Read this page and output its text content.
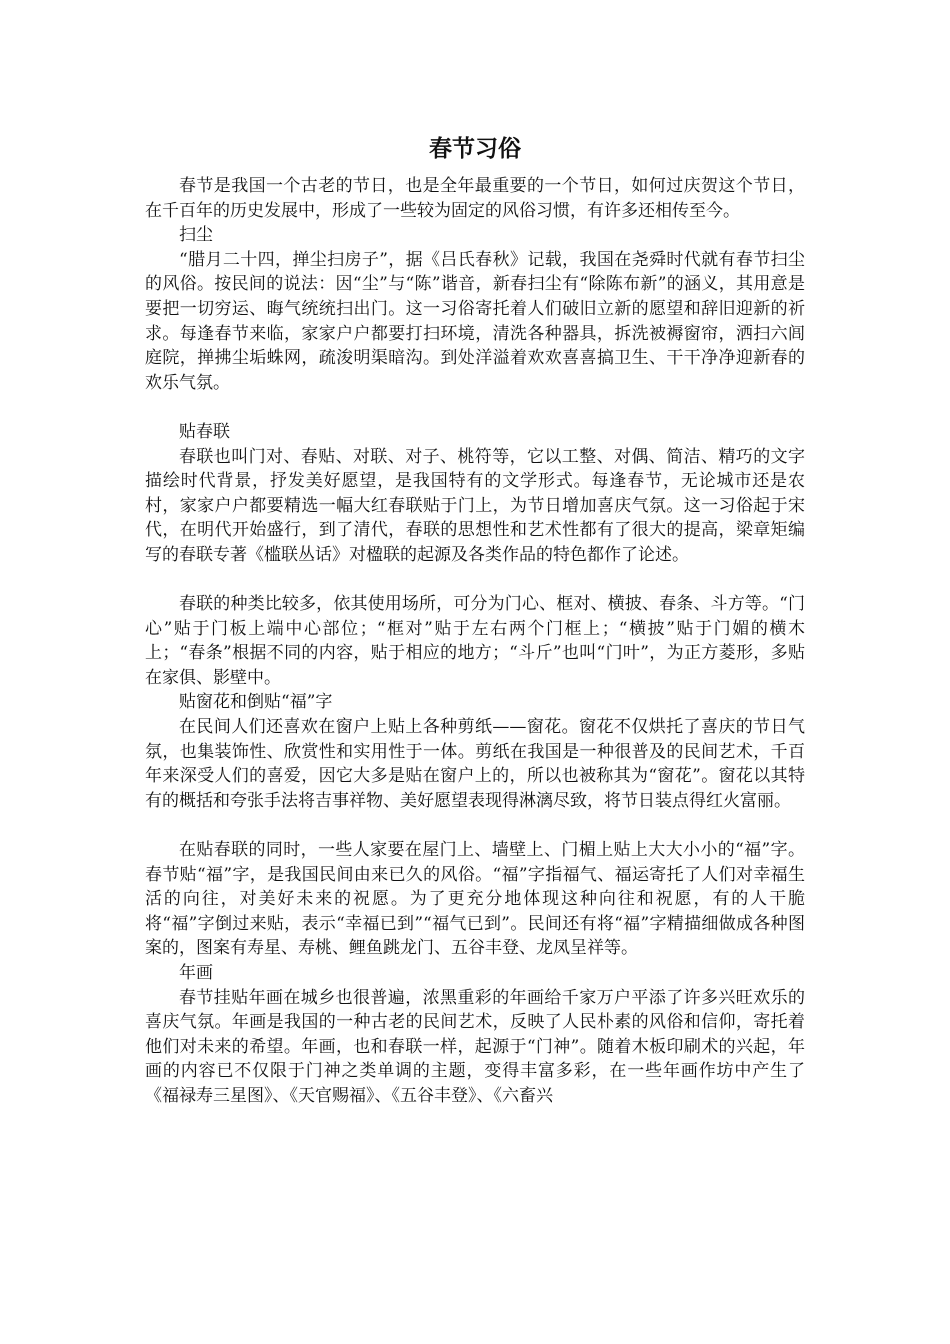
春节习俗

春节是我国一个古老的节日，也是全年最重要的一个节日，如何过庆贺这个节日，在千百年的历史发展中，形成了一些较为固定的风俗习惯，有许多还相传至今。

扫尘

“腊月二十四，掸尘扫房子”，据《吕氏春秋》记载，我国在尧舜时代就有春节扫尘的风俗。按民间的说法：因“尘”与“陈”谐音，新春扫尘有“除陈布新”的涵义，其用意是要把一切穷运、晦气统统扫出门。这一习俗寄托着人们破旧立新的愿望和辞旧迎新的祈求。每逢春节来临，家家户户都要打扫环境，清洗各种器具，拆洗被褥窗帘，洒扫六闾庭院，掸拂尘垢蛛网，疏浚明渠暗沟。到处洋溢着欢欢喜喜搞卫生、干干净净迎新春的欢乐气氛。

贴春联

春联也叫门对、春贴、对联、对子、桃符等，它以工整、对偶、简洁、精巧的文字描绘时代背景，抒发美好愿望，是我国特有的文学形式。每逢春节，无论城市还是农村，家家户户都要精选一幅大红春联贴于门上，为节日增加喜庆气氛。这一习俗起于宋代，在明代开始盛行，到了清代，春联的思想性和艺术性都有了很大的提高，梁章矩编写的春联专著《槛联丛话》对楹联的起源及各类作品的特色都作了论述。

春联的种类比较多，依其使用场所，可分为门心、框对、横披、春条、斗方等。“门心”贴于门板上端中心部位；“框对”贴于左右两个门框上；“横披”贴于门媚的横木上；“春条”根据不同的内容，贴于相应的地方；“斗斤”也叫“门叶”，为正方菱形，多贴在家俱、影壁中。

贴窗花和倒贴“福”字

在民间人们还喜欢在窗户上贴上各种剪纸——窗花。窗花不仅烘托了喜庆的节日气氛，也集装饰性、欣赏性和实用性于一体。剪纸在我国是一种很普及的民间艺术，千百年来深受人们的喜爱，因它大多是贴在窗户上的，所以也被称其为“窗花”。窗花以其特有的概括和夸张手法将吉事祥物、美好愿望表现得淋漓尽致，将节日装点得红火富丽。

在贴春联的同时，一些人家要在屋门上、墙壁上、门楣上贴上大大小小的“福”字。春节贴“福”字，是我国民间由来已久的风俗。“福”字指福气、福运寄托了人们对幸福生活的向往，对美好未来的祝愿。为了更充分地体现这种向往和祝愿，有的人干脆将“福”字倒过来贴，表示“幸福已到”“福气已到”。民间还有将“福”字精描细做成各种图案的，图案有寿星、寿桃、鲤鱼跳龙门、五谷丰登、龙凤呈祥等。

年画

春节挂贴年画在城乡也很普遍，浓黑重彩的年画给千家万户平添了许多兴旺欢乐的喜庆气氛。年画是我国的一种古老的民间艺术，反映了人民朴素的风俗和信仰，寄托着他们对未来的希望。年画，也和春联一样，起源于“门神”。随着木板印刷术的兴起，年画的内容已不仅限于门神之类单调的主题，变得丰富多彩，在一些年画作坊中产生了《福禄寿三星图》、《天官赐福》、《五谷丰登》、《六畜兴
